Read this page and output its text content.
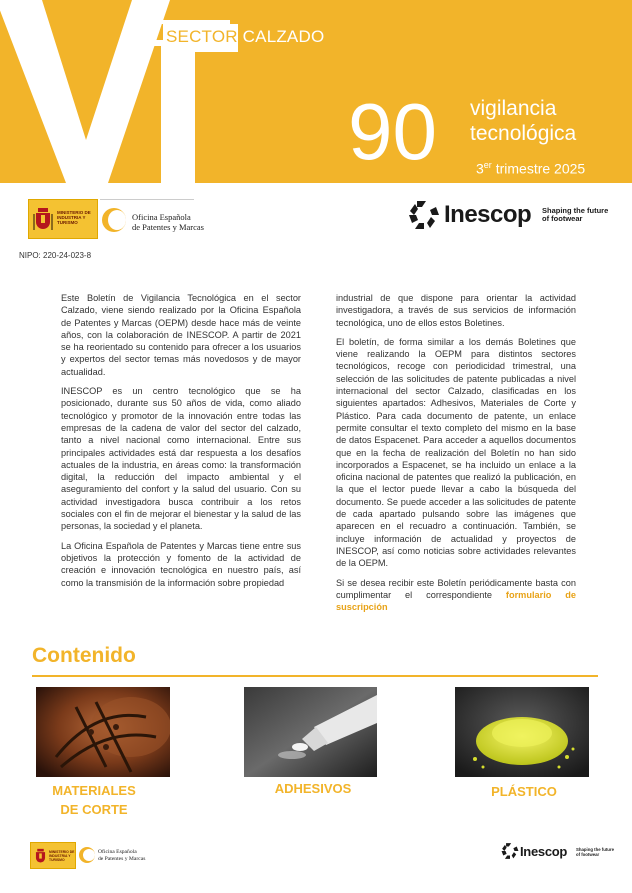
SECTOR CALZADO
90 vigilancia
tecnológica
3er trimestre 2025
MINISTERIO DE INDUSTRIA Y TURISMO
Oficina Española
de Patentes y Marcas	Inescop Shaping the future
of footwear
NIPO: 220-24-023-8

Este Boletín de Vigilancia Tecnológica en el sector Calzado, viene siendo realizado por la Oficina Española de Patentes y Marcas (OEPM) desde hace más de veinte años, con la colaboración de INESCOP. A partir de 2021 se ha reorientado su contenido para ofrecer a los usuarios y expertos del sector temas más novedosos y de mayor actualidad.

INESCOP es un centro tecnológico que se ha posicionado, durante sus 50 años de vida, como aliado tecnológico y promotor de la innovación entre todas las empresas de la cadena de valor del sector del calzado, tanto a nivel nacional como internacional. Entre sus principales actividades está dar respuesta a los desafíos actuales de la industria, en áreas como: la transformación digital, la reducción del impacto ambiental y el aseguramiento del confort y la salud del usuario. Con su actividad investigadora busca contribuir a los retos sociales con el fin de mejorar el bienestar y la salud de las personas, la sociedad y el planeta.

La Oficina Española de Patentes y Marcas tiene entre sus objetivos la protección y fomento de la actividad de creación e innovación tecnológica en nuestro país, así como la transmisión de la información sobre propiedad

industrial de que dispone para orientar la actividad investigadora, a través de sus servicios de información tecnológica, uno de ellos estos Boletines.

El boletín, de forma similar a los demás Boletines que viene realizando la OEPM para distintos sectores tecnológicos, recoge con periodicidad trimestral, una selección de las solicitudes de patente publicadas a nivel internacional del sector Calzado, clasificadas en los siguientes apartados: Adhesivos, Materiales de Corte y Plástico. Para cada documento de patente, un enlace permite consultar el texto completo del mismo en la base de datos Espacenet. Para acceder a aquellos documentos que en la fecha de realización del Boletín no han sido incorporados a Espacenet, se ha incluido un enlace a la oficina nacional de patentes que realizó la publicación, en la que el lector puede llevar a cabo la búsqueda del documento. Se puede acceder a las solicitudes de patente de cada apartado pulsando sobre las imágenes que aparecen en el recuadro a continuación. También, se incluye información de actualidad y proyectos de INESCOP, así como noticias sobre actividades relevantes de la OEPM.

Si se desea recibir este Boletín periódicamente basta con cumplimentar el correspondiente formulario de suscripción

Contenido
MATERIALES
DE CORTE
ADHESIVOS	PLÁSTICO
MINISTERIO DE INDUSTRIA Y TURISMO
Oficina Española
de Patentes y Marcas	Inescop Shaping the future
of footwear
